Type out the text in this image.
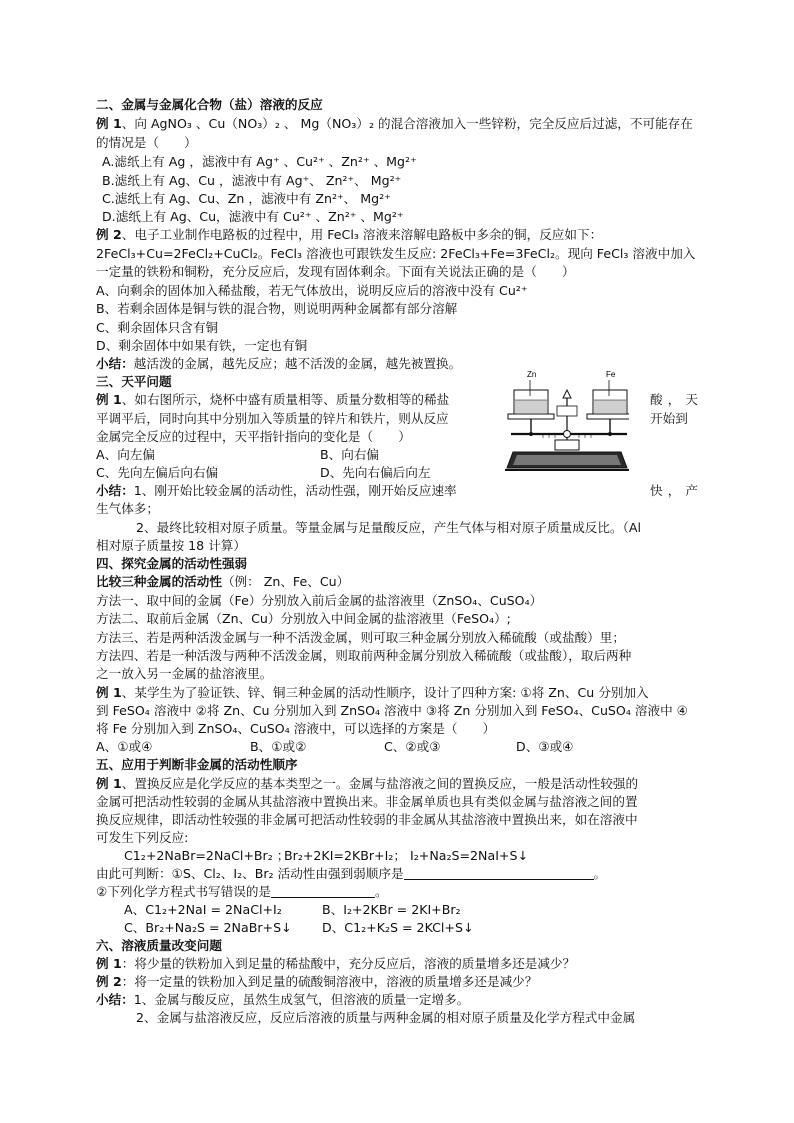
二、金属与金属化合物（盐）溶液的反应
例 1、向 AgNO₃ 、Cu（NO₃）₂ 、 Mg（NO₃）₂ 的混合溶液加入一些锌粉，完全反应后过滤，不可能存在
的情况是（　　）
A.滤纸上有 Ag ，滤液中有 Ag⁺ 、Cu²⁺ 、Zn²⁺ 、Mg²⁺
B.滤纸上有 Ag、Cu ，滤液中有 Ag⁺、 Zn²⁺、 Mg²⁺
C.滤纸上有 Ag、Cu、Zn ，滤液中有 Zn²⁺、 Mg²⁺
D.滤纸上有 Ag、Cu，滤液中有 Cu²⁺ 、Zn²⁺ 、Mg²⁺
例 2、电子工业制作电路板的过程中，用 FeCl₃ 溶液来溶解电路板中多余的铜，反应如下：
2FeCl₃+Cu=2FeCl₂+CuCl₂。FeCl₃ 溶液也可跟铁发生反应: 2FeCl₃+Fe=3FeCl₂。现向 FeCl₃ 溶液中加入
一定量的铁粉和铜粉，充分反应后，发现有固体剩余。下面有关说法正确的是（　　）
A、向剩余的固体加入稀盐酸，若无气体放出，说明反应后的溶液中没有 Cu²⁺
B、若剩余固体是铜与铁的混合物，则说明两种金属都有部分溶解
C、剩余固体只含有铜
D、剩余固体中如果有铁，一定也有铜
小结：越活泼的金属，越先反应；越不活泼的金属，越先被置换。
三、天平问题
例 1、如右图所示，烧杯中盛有质量相等、质量分数相等的稀盐	酸 ， 天
平调平后，同时向其中分别加入等质量的锌片和铁片，则从反应	开始到
金属完全反应的过程中，天平指针指向的变化是（　　）
A、向左偏	B、向右偏
C、先向左偏后向右偏	D、先向右偏后向左
Zn	Fe
小结：1、刚开始比较金属的活动性，活动性强，刚开始反应速率	快 ， 产
生气体多；
2、最终比较相对原子质量。等量金属与足量酸反应，产生气体与相对原子质量成反比。（Al
相对原子质量按 18 计算）
四、探究金属的活动性强弱
比较三种金属的活动性（例： Zn、Fe、Cu）
方法一、取中间的金属（Fe）分别放入前后金属的盐溶液里（ZnSO₄、CuSO₄）
方法二、取前后金属（Zn、Cu）分别放入中间金属的盐溶液里（FeSO₄）;
方法三、若是两种活泼金属与一种不活泼金属，则可取三种金属分别放入稀硫酸（或盐酸）里；
方法四、若是一种活泼与两种不活泼金属，则取前两种金属分别放入稀硫酸（或盐酸），取后两种
之一放入另一金属的盐溶液里。
例 1、某学生为了验证铁、锌、铜三种金属的活动性顺序，设计了四种方案: ①将 Zn、Cu 分别加入
到 FeSO₄ 溶液中 ②将 Zn、Cu 分别加入到 ZnSO₄ 溶液中 ③将 Zn 分别加入到 FeSO₄、CuSO₄ 溶液中 ④
将 Fe 分别加入到 ZnSO₄、CuSO₄ 溶液中，可以选择的方案是（　　）
A、①或④	B、①或②	C、②或③	D、③或④
五、应用于判断非金属的活动性顺序
例 1、置换反应是化学反应的基本类型之一。金属与盐溶液之间的置换反应，一般是活动性较强的
金属可把活动性较弱的金属从其盐溶液中置换出来。非金属单质也具有类似金属与盐溶液之间的置
换反应规律，即活动性较强的非金属可把活动性较弱的非金属从其盐溶液中置换出来，如在溶液中
可发生下列反应:
C1₂+2NaBr=2NaCl+Br₂ ；
Br₂+2KI=2KBr+I₂； I₂+Na₂S=2NaI+S↓
由此可判断：①S、Cl₂、I₂、Br₂ 活动性由强到弱顺序是	。
②下列化学方程式书写错误的是	。
A、C1₂+2NaI = 2NaCl+I₂	B、I₂+2KBr = 2KI+Br₂
C、Br₂+Na₂S = 2NaBr+S↓ D、C1₂+K₂S = 2KCl+S↓
六、溶液质量改变问题
例 1：将少量的铁粉加入到足量的稀盐酸中，充分反应后，溶液的质量增多还是减少？
例 2：将一定量的铁粉加入到足量的硫酸铜溶液中，溶液的质量增多还是减少？
小结：1、金属与酸反应，虽然生成氢气，但溶液的质量一定增多。
2、金属与盐溶液反应，反应后溶液的质量与两种金属的相对原子质量及化学方程式中金属
